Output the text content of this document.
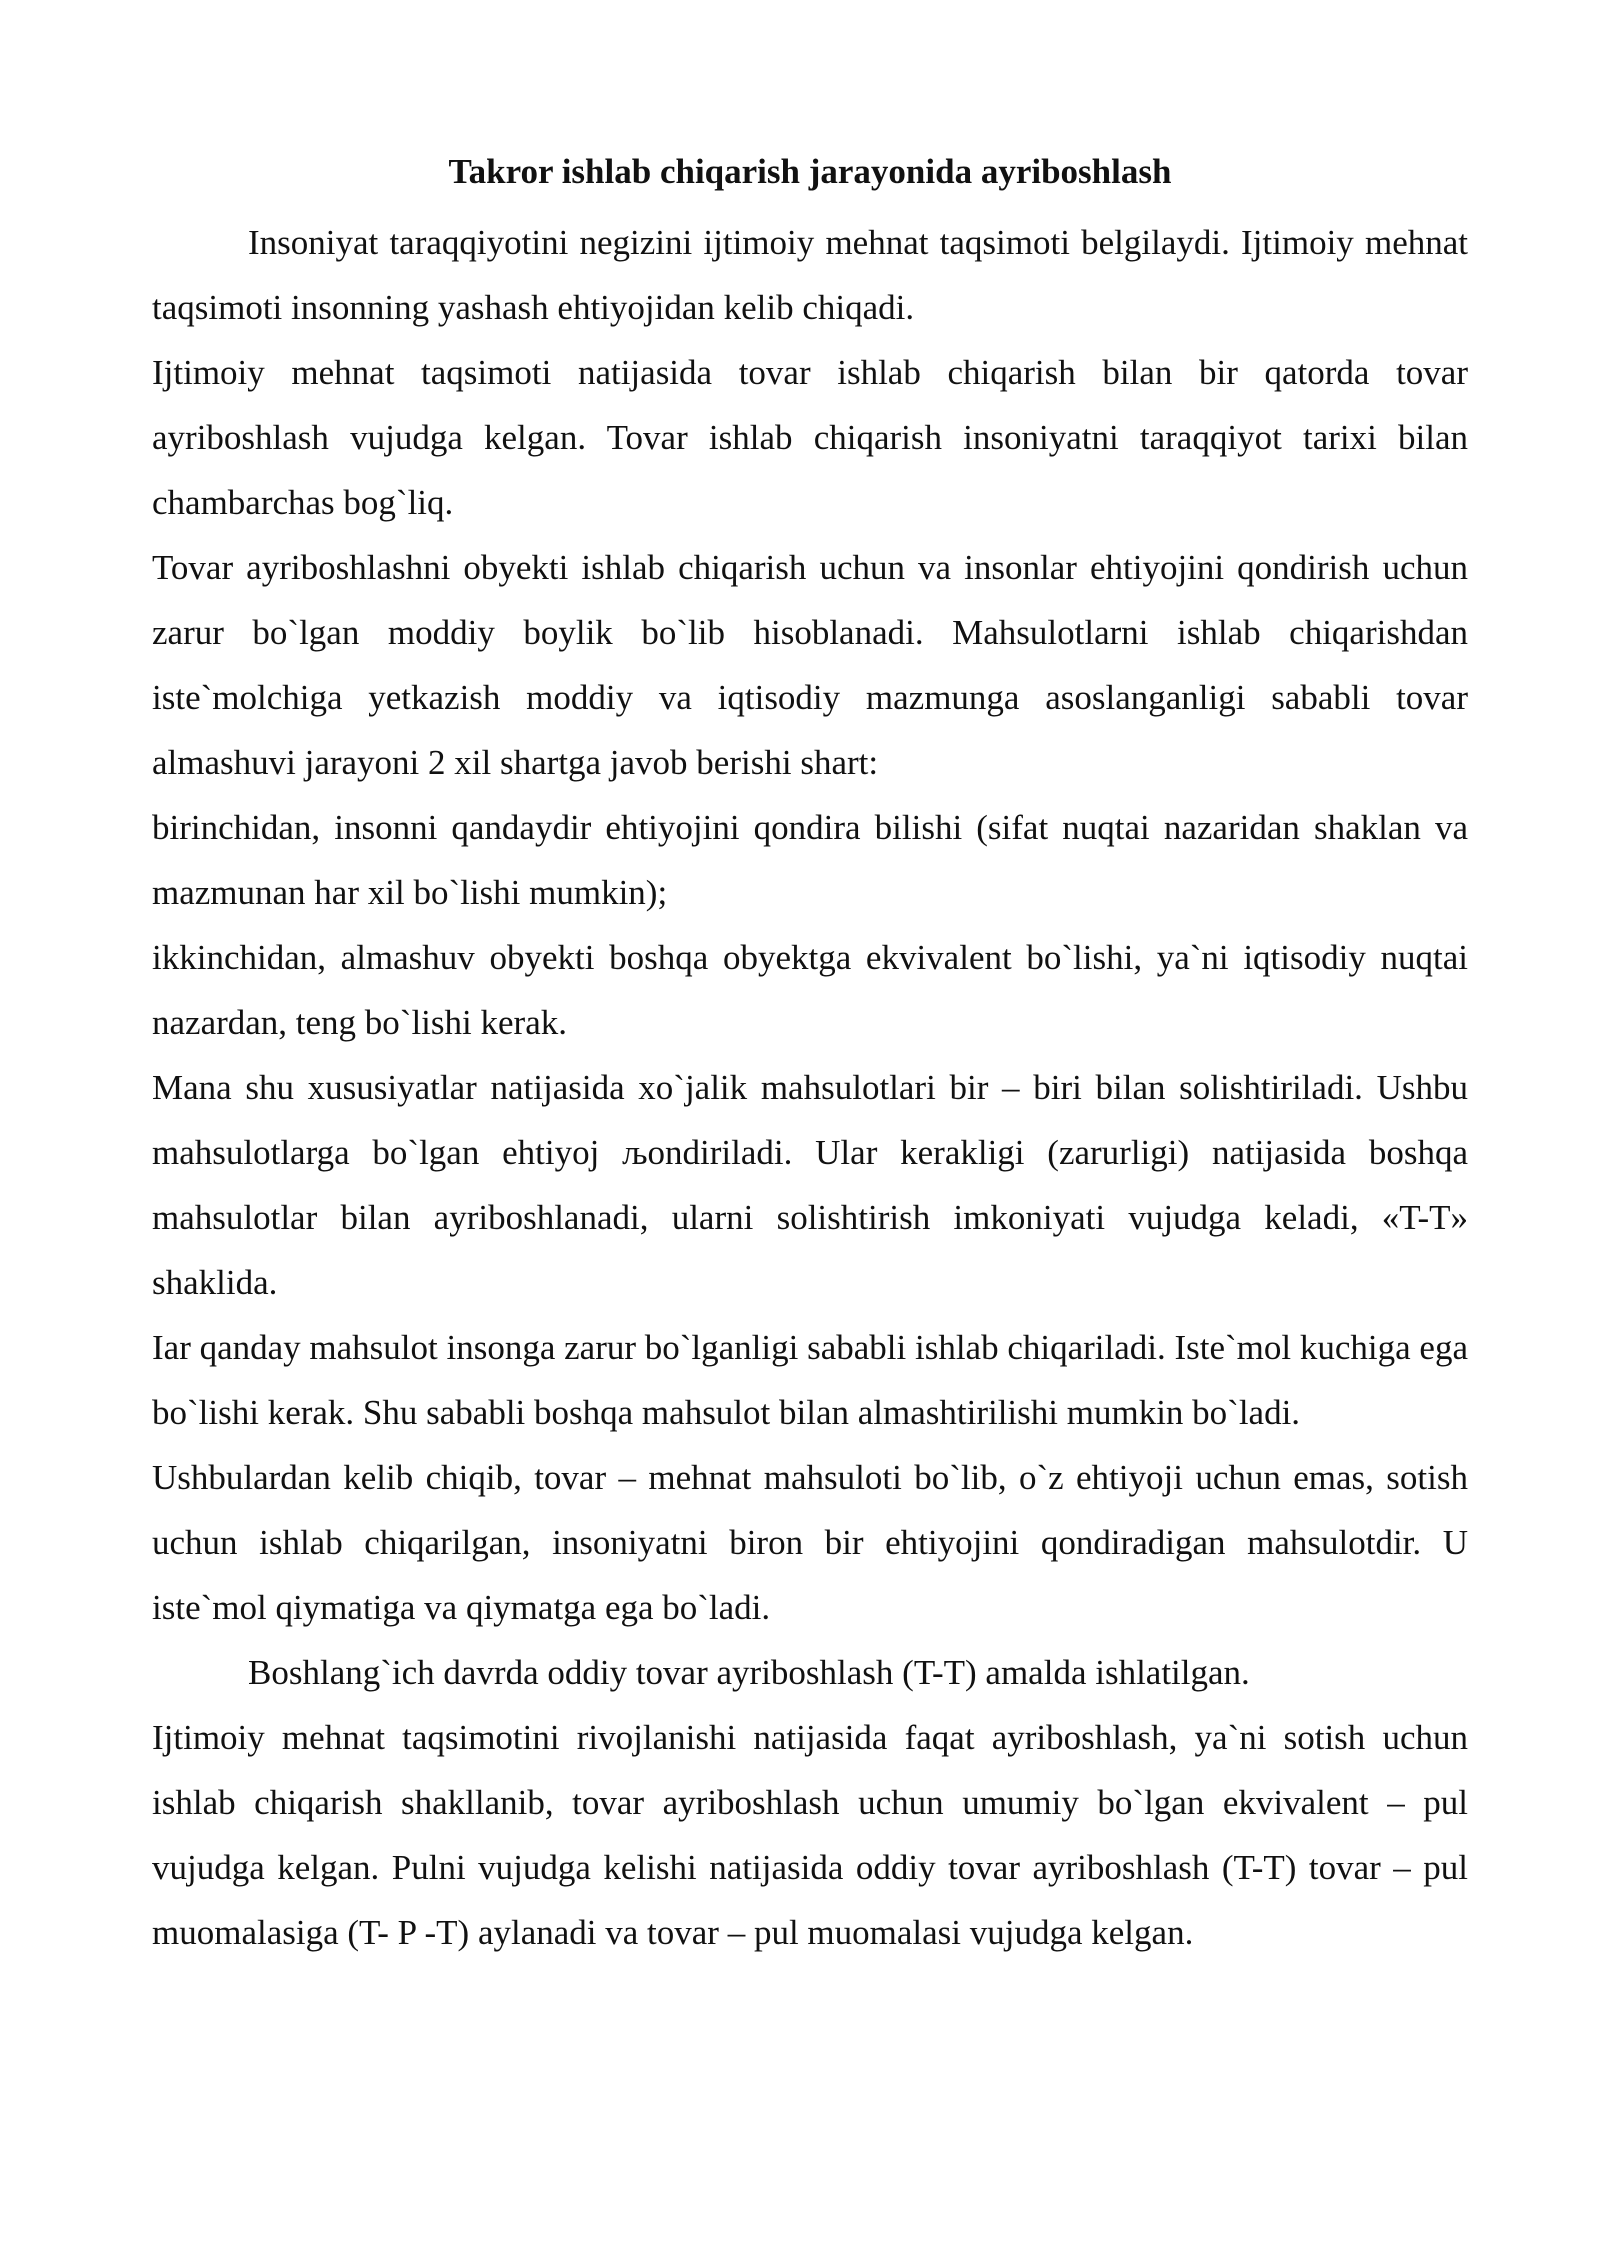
Takror ishlab chiqarish jarayonida ayriboshlash

Insoniyat taraqqiyotini negizini ijtimoiy mehnat taqsimoti belgilaydi. Ijtimoiy mehnat taqsimoti insonning yashash ehtiyojidan kelib chiqadi.

Ijtimoiy mehnat taqsimoti natijasida tovar ishlab chiqarish bilan bir qatorda tovar ayriboshlash vujudga kelgan. Tovar ishlab chiqarish insoniyatni taraqqiyot tarixi bilan chambarchas bog`liq.

Tovar ayriboshlashni obyekti ishlab chiqarish uchun va insonlar ehtiyojini qondirish uchun zarur bo`lgan moddiy boylik bo`lib hisoblanadi. Mahsulotlarni ishlab chiqarishdan iste`molchiga yetkazish moddiy va iqtisodiy mazmunga asoslanganligi sababli tovar almashuvi jarayoni 2 xil shartga javob berishi shart:

birinchidan, insonni qandaydir ehtiyojini qondira bilishi (sifat nuqtai nazaridan shaklan va mazmunan har xil bo`lishi mumkin);

ikkinchidan, almashuv obyekti boshqa obyektga ekvivalent bo`lishi, ya`ni iqtisodiy nuqtai nazardan, teng bo`lishi kerak.

Mana shu xususiyatlar natijasida xo`jalik mahsulotlari bir – biri bilan solishtiriladi. Ushbu mahsulotlarga bo`lgan ehtiyoj љondiriladi. Ular kerakligi (zarurligi) natijasida boshqa mahsulotlar bilan ayriboshlanadi, ularni solishtirish imkoniyati vujudga keladi, «T-T» shaklida.

Iar qanday mahsulot insonga zarur bo`lganligi sababli ishlab chiqariladi. Iste`mol kuchiga ega bo`lishi kerak. Shu sababli boshqa mahsulot bilan almashtirilishi mumkin bo`ladi.

Ushbulardan kelib chiqib, tovar – mehnat mahsuloti bo`lib, o`z ehtiyoji uchun emas, sotish uchun ishlab chiqarilgan, insoniyatni biron bir ehtiyojini qondiradigan mahsulotdir. U iste`mol qiymatiga va qiymatga ega bo`ladi.

Boshlang`ich davrda oddiy tovar ayriboshlash (T-T) amalda ishlatilgan.

Ijtimoiy mehnat taqsimotini rivojlanishi natijasida faqat ayriboshlash, ya`ni sotish uchun ishlab chiqarish shakllanib, tovar ayriboshlash uchun umumiy bo`lgan ekvivalent – pul vujudga kelgan. Pulni vujudga kelishi natijasida oddiy tovar ayriboshlash (T-T) tovar – pul muomalasiga (T- P -T) aylanadi va tovar – pul muomalasi vujudga kelgan.
